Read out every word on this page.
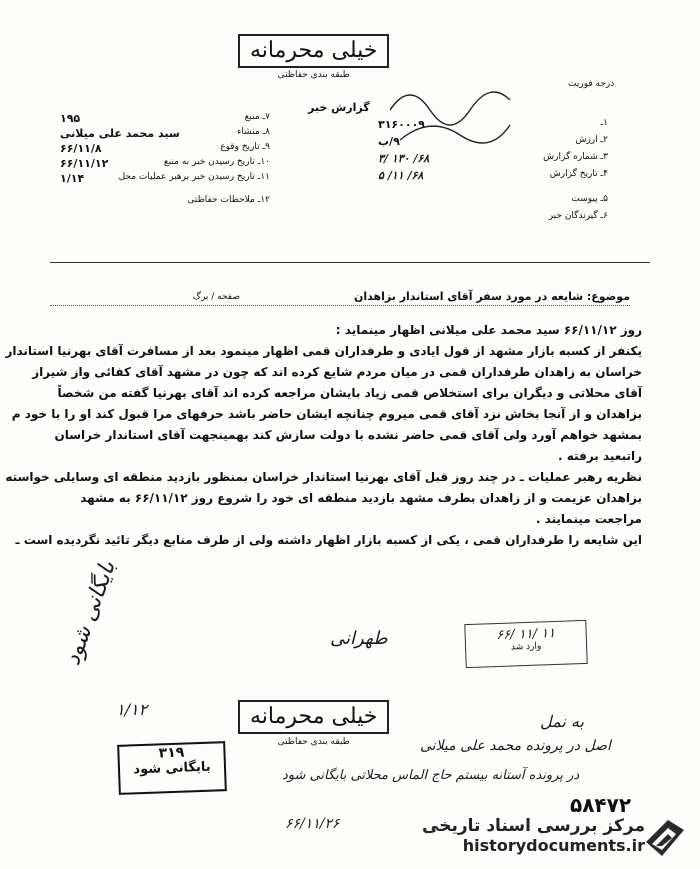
خیلی محرمانه
طبقه بندی حفاظتی
درجه فوریت
گزارش خبر
۱ـ
۳۱۶۰۰۰۹
۲ـ ارزش
۹/ب
۳ـ شماره گزارش
۶۸/ ۱۳۰ /۳
۴ـ تاریخ گزارش
۶۸/ ۱۱/ ۵
۵ـ پیوست
۶ـ گیرندگان خبر
۷ـ منبع
۱۹۵
۸ـ منشاء
سید محمد علی میلانی
۹ـ تاریخ وقوع
۶۶/۱۱/۸
۱۰ـ تاریخ رسیدن خبر به منبع
۶۶/۱۱/۱۲
۱۱ـ تاریخ رسیدن خبر برهبر عملیات محل
۱/۱۴
۱۲ـ ملاحظات حفاظتی
صفحه / برگ	موضوع: شایعه در مورد سفر آقای استاندار بزاهدان
روز ۶۶/۱۱/۱۲ سید محمد علی میلانی اظهار مینماید :
یکنفر از کسبه بازار مشهد از قول ایادی و طرفداران قمی اظهار مینمود بعد از مسافرت آقای بهرنیا استاندار
خراسان به زاهدان طرفداران قمی در میان مردم شایع کرده اند که چون در مشهد آقای کفائی واز شیراز
آقای محلاتی و دیگران برای استخلاص قمی زیاد بایشان مراجعه کرده اند آقای بهرنیا گفته من شخصاً
بزاهدان و از آنجا بخاش نزد آقای قمی میروم چنانچه ایشان حاضر باشد حرفهای مرا قبول کند او را با خود م
بمشهد خواهم آورد ولی آقای قمی حاضر نشده با دولت سازش کند بهمینجهت آقای استاندار خراسان
راتبعید برفته .
نظریه رهبر عملیات ـ در چند روز قبل آقای بهرنیا استاندار خراسان بمنظور بازدید منطقه ای وسایلی خواسته
بزاهدان عزیمت و از زاهدان بطرف مشهد بازدید منطقه ای خود را شروع روز ۶۶/۱۱/۱۲ به مشهد
مراجعت مینمایند .
این شایعه را طرفداران قمی ، یکی از کسبه بازار اظهار داشته ولی از طرف منابع دیگر تائید نگردیده است ـ
۶۶/ ۱۱/ ۱۱
وارد شد
طهرانی
بایگانی شود
۱/۱۲	خیلی محرمانه
طبقه بندی حفاظتی
۳۱۹
بایگانی شود
به نمل
اصل در پرونده محمد علی میلانی
در پرونده آستانه بیستم حاج الماس محلاتی بایگانی شود
۶۶/۱۱/۲۶
۵۸۴۷۲
مرکز بررسی اسناد تاریخی
historydocuments.ir
